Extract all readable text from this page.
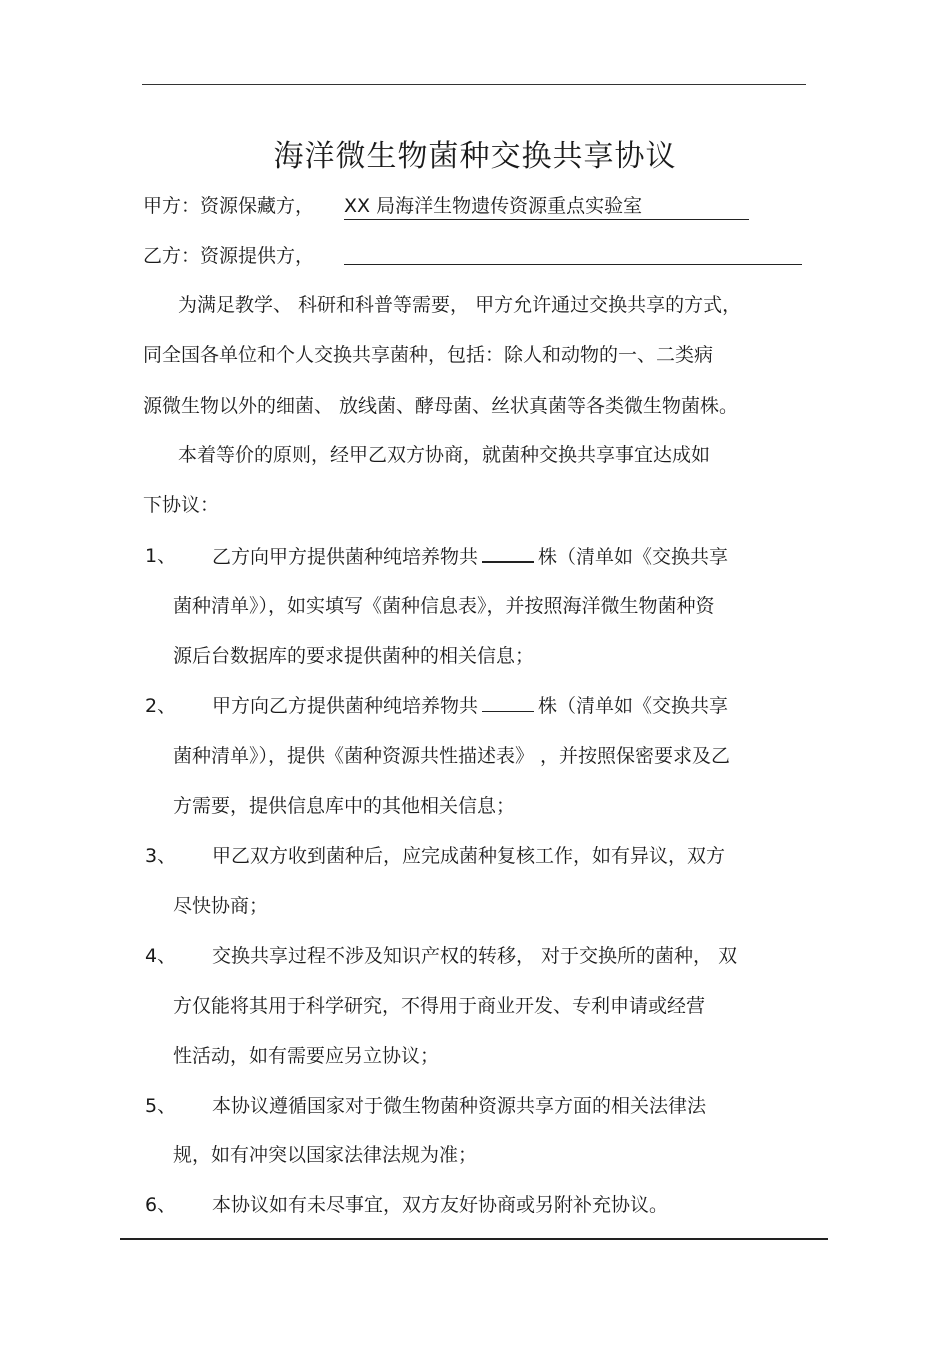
海洋微生物菌种交换共享协议
甲方：资源保藏方， XX 局海洋生物遗传资源重点实验室
乙方：资源提供方，
为满足教学、 科研和科普等需要， 甲方允许通过交换共享的方式，
同全国各单位和个人交换共享菌种，包括：除人和动物的一、二类病
源微生物以外的细菌、 放线菌、酵母菌、丝状真菌等各类微生物菌株。
本着等价的原则，经甲乙双方协商，就菌种交换共享事宜达成如
下协议：
1、 乙方向甲方提供菌种纯培养物共	株（清单如《交换共享
菌种清单》），如实填写《菌种信息表》，并按照海洋微生物菌种资
源后台数据库的要求提供菌种的相关信息；
2、 甲方向乙方提供菌种纯培养物共	株（清单如《交换共享
菌种清单》），提供《菌种资源共性描述表》 ，并按照保密要求及乙
方需要，提供信息库中的其他相关信息；
3、 甲乙双方收到菌种后，应完成菌种复核工作，如有异议，双方
尽快协商；
4、 交换共享过程不涉及知识产权的转移， 对于交换所的菌种， 双
方仅能将其用于科学研究，不得用于商业开发、专利申请或经营
性活动，如有需要应另立协议；
5、 本协议遵循国家对于微生物菌种资源共享方面的相关法律法
规，如有冲突以国家法律法规为准；
6、 本协议如有未尽事宜，双方友好协商或另附补充协议。
